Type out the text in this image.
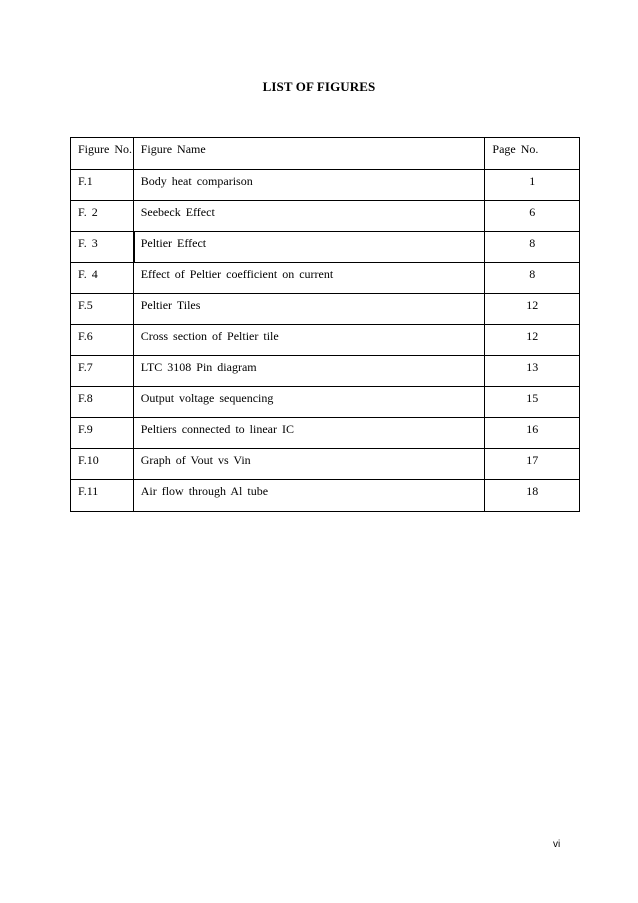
LIST OF FIGURES
Figure No.	Figure Name	Page No.
F.1	Body heat comparison	1
F. 2	Seebeck Effect	6
F. 3	Peltier Effect	8
F. 4	Effect of Peltier coefficient on current	8
F.5	Peltier Tiles	12
F.6	Cross section of Peltier tile	12
F.7	LTC 3108 Pin diagram	13
F.8	Output voltage sequencing	15
F.9	Peltiers connected to linear IC	16
F.10	Graph of Vout vs Vin	17
F.11	Air flow through Al tube	18
vi
